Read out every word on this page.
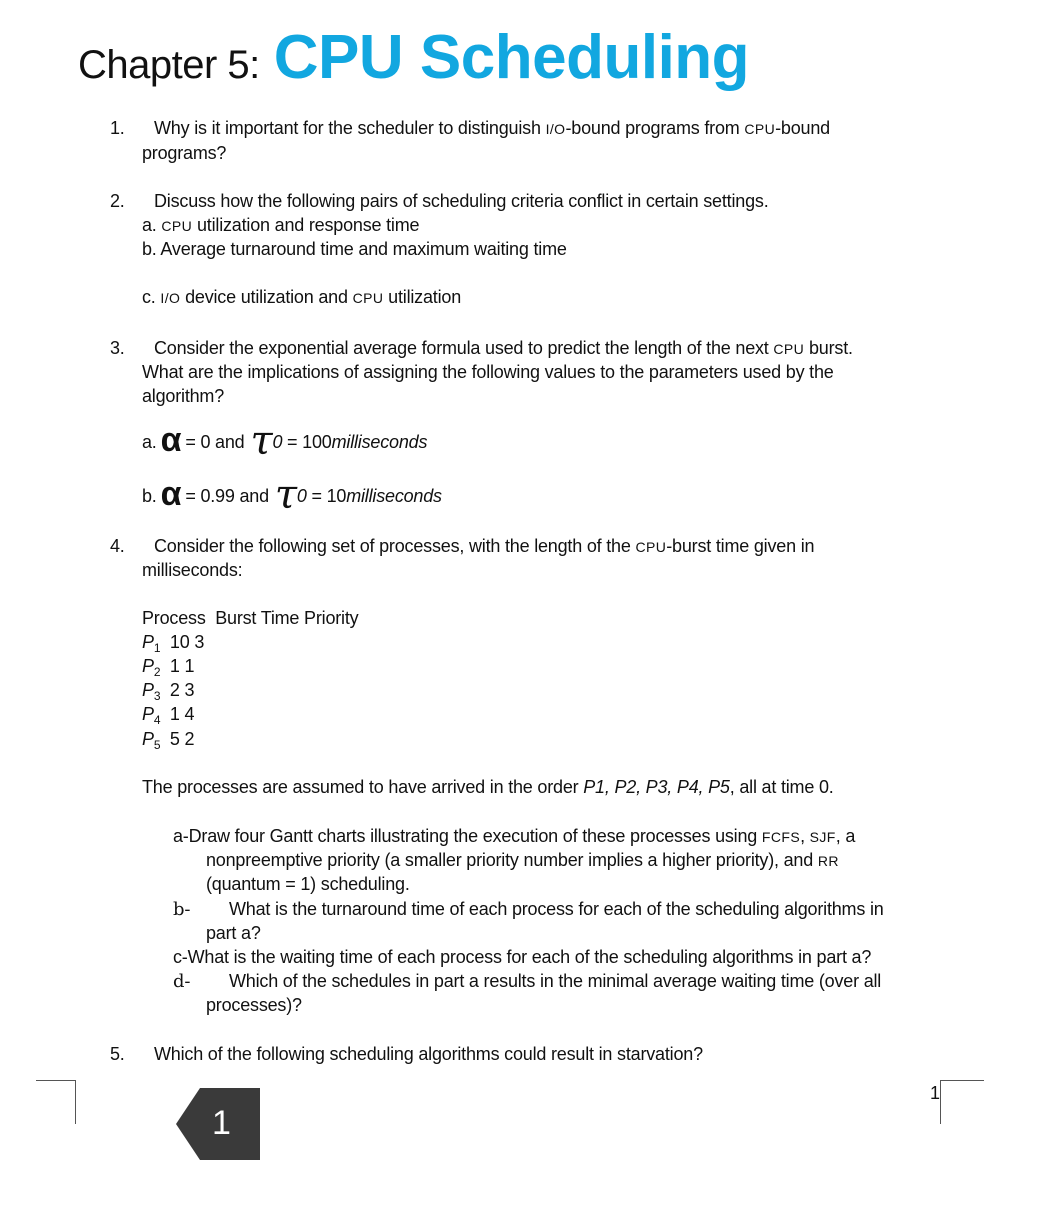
Chapter 5: CPU Scheduling
1. Why is it important for the scheduler to distinguish I/O-bound programs from CPU-bound
programs?
2. Discuss how the following pairs of scheduling criteria conflict in certain settings.
a. CPU utilization and response time
b. Average turnaround time and maximum waiting time
c. I/O device utilization and CPU utilization
3. Consider the exponential average formula used to predict the length of the next CPU burst.
What are the implications of assigning the following values to the parameters used by the
algorithm?
a. α = 0 and τ0 = 100milliseconds
b. α = 0.99 and τ0 = 10milliseconds
4. Consider the following set of processes, with the length of the CPU-burst time given in
milliseconds:
Process  Burst Time Priority
$P_1$ 10 3
$P_2$ 1 1
$P_3$ 2 3
$P_4$ 1 4
$P_5$ 5 2
The processes are assumed to have arrived in the order P1, P2, P3, P4, P5, all at time 0.
a-Draw four Gantt charts illustrating the execution of these processes using FCFS, SJF, a
nonpreemptive priority (a smaller priority number implies a higher priority), and RR
(quantum = 1) scheduling.
b- What is the turnaround time of each process for each of the scheduling algorithms in
part a?
c-What is the waiting time of each process for each of the scheduling algorithms in part a?
d- Which of the schedules in part a results in the minimal average waiting time (over all
processes)?
5. Which of the following scheduling algorithms could result in starvation?
1
1
